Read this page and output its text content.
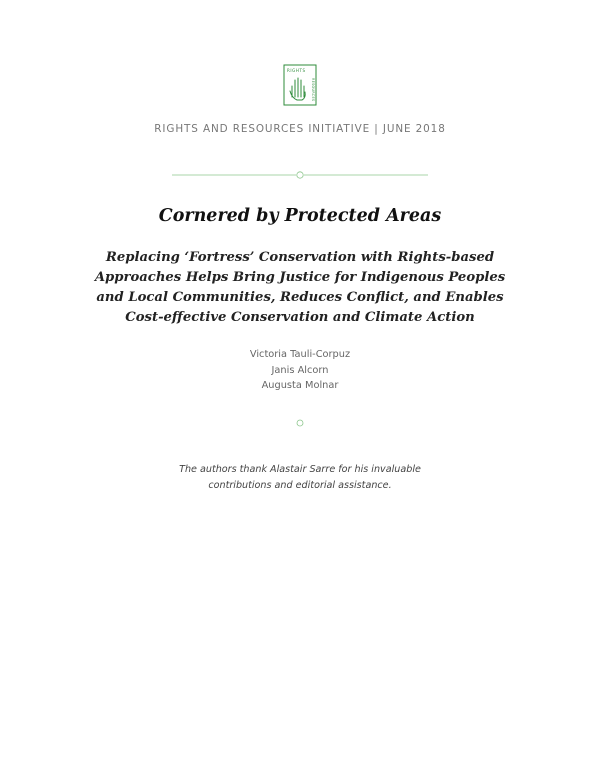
RIGHTS
RESOURCES
RIGHTS AND RESOURCES INITIATIVE | JUNE 2018
Cornered by Protected Areas
Replacing ‘Fortress’ Conservation with Rights-based
Approaches Helps Bring Justice for Indigenous Peoples
and Local Communities, Reduces Conflict, and Enables
Cost-effective Conservation and Climate Action
Victoria Tauli-Corpuz
Janis Alcorn
Augusta Molnar
The authors thank Alastair Sarre for his invaluable
contributions and editorial assistance.
